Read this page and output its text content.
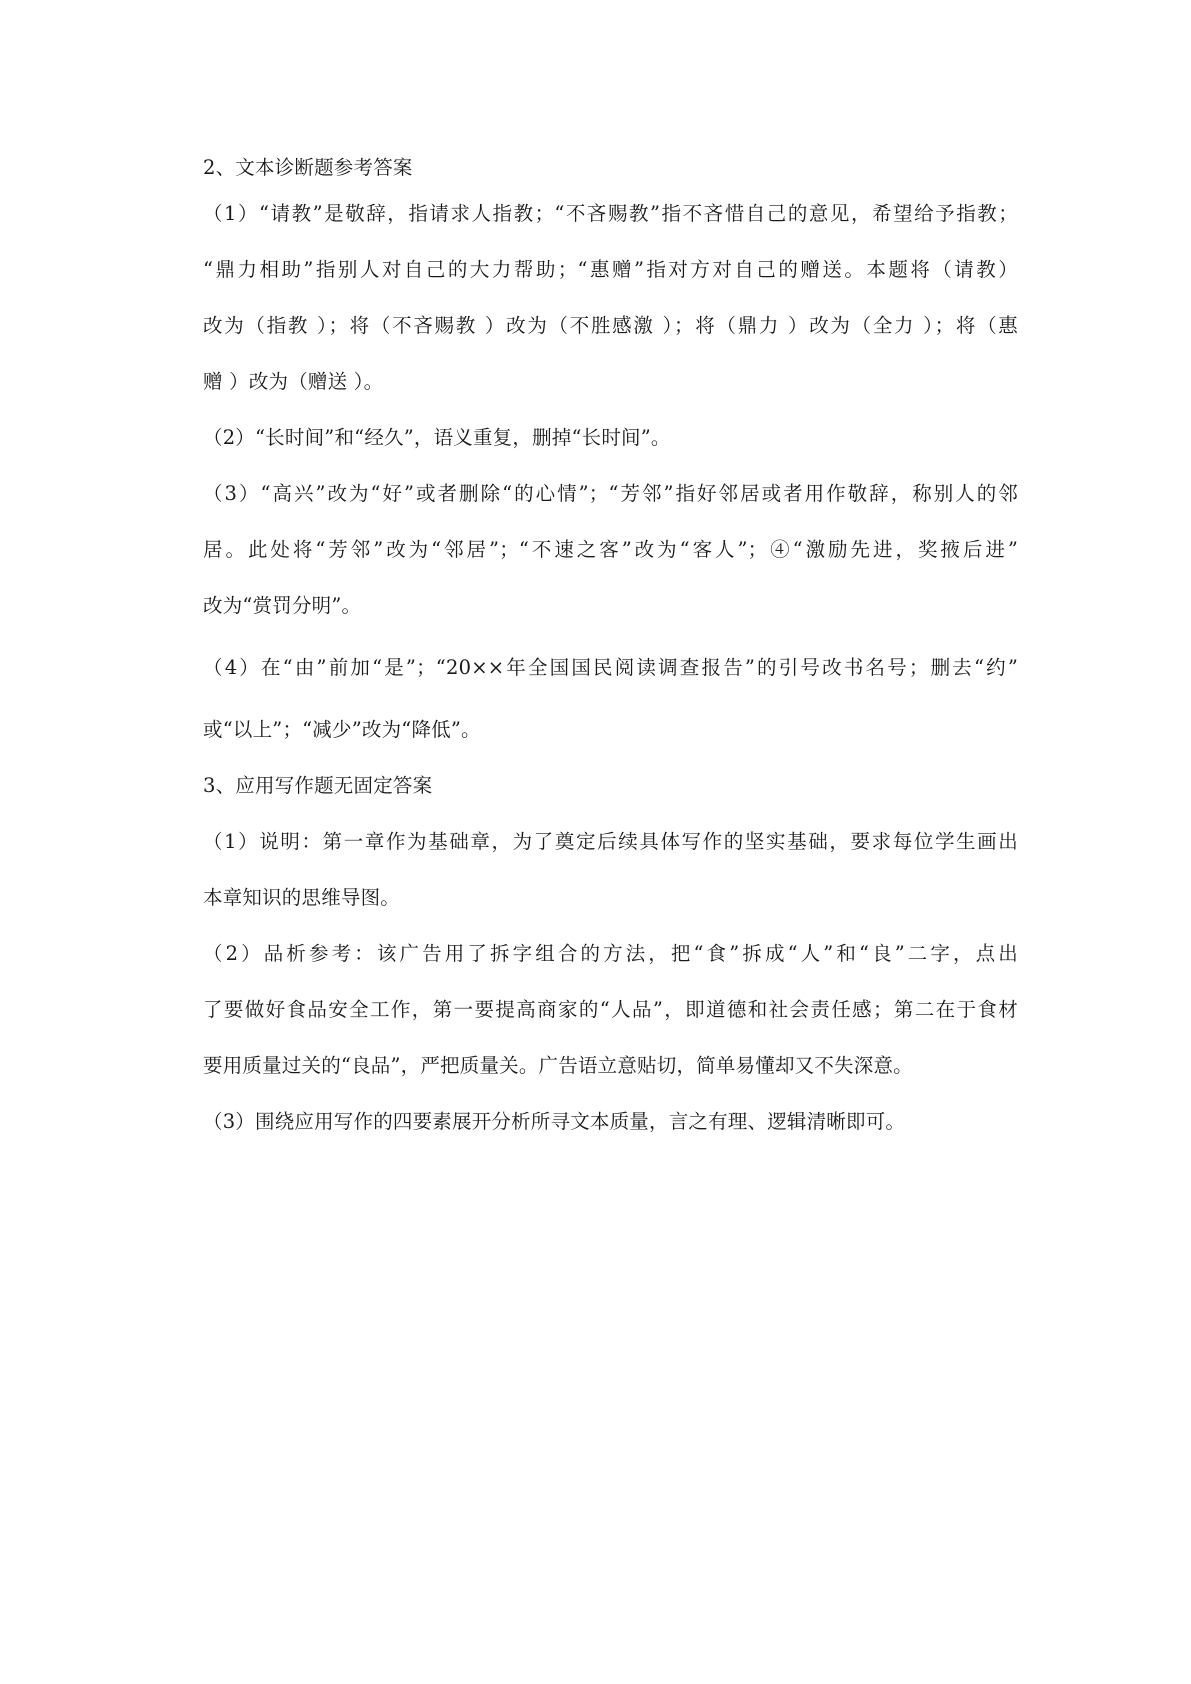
2、文本诊断题参考答案
（1）“请教”是敬辞，指请求人指教；“不吝赐教”指不吝惜自己的意见，希望给予指教；
“鼎力相助”指别人对自己的大力帮助；“惠赠”指对方对自己的赠送。本题将（请教）
改为（指教 ）；将（不吝赐教 ）改为（不胜感激 ）；将（鼎力 ）改为（全力 ）；将（惠
赠 ）改为（赠送 ）。
（2）“长时间”和“经久”，语义重复，删掉“长时间”。
（3）“高兴”改为“好”或者删除“的心情”；“芳邻”指好邻居或者用作敬辞，称别人的邻
居。此处将“芳邻”改为“邻居”；“不速之客”改为“客人”；④“激励先进，奖掖后进”
改为“赏罚分明”。
（4）在“由”前加“是”；“20××年全国国民阅读调查报告”的引号改书名号；删去“约”
或“以上”；“减少”改为“降低”。
3、应用写作题无固定答案
（1）说明：第一章作为基础章，为了奠定后续具体写作的坚实基础，要求每位学生画出
本章知识的思维导图。
（2）品析参考：该广告用了拆字组合的方法，把“食”拆成“人”和“良”二字，点出
了要做好食品安全工作，第一要提高商家的“人品”，即道德和社会责任感；第二在于食材
要用质量过关的“良品”，严把质量关。广告语立意贴切，简单易懂却又不失深意。
（3）围绕应用写作的四要素展开分析所寻文本质量，言之有理、逻辑清晰即可。
